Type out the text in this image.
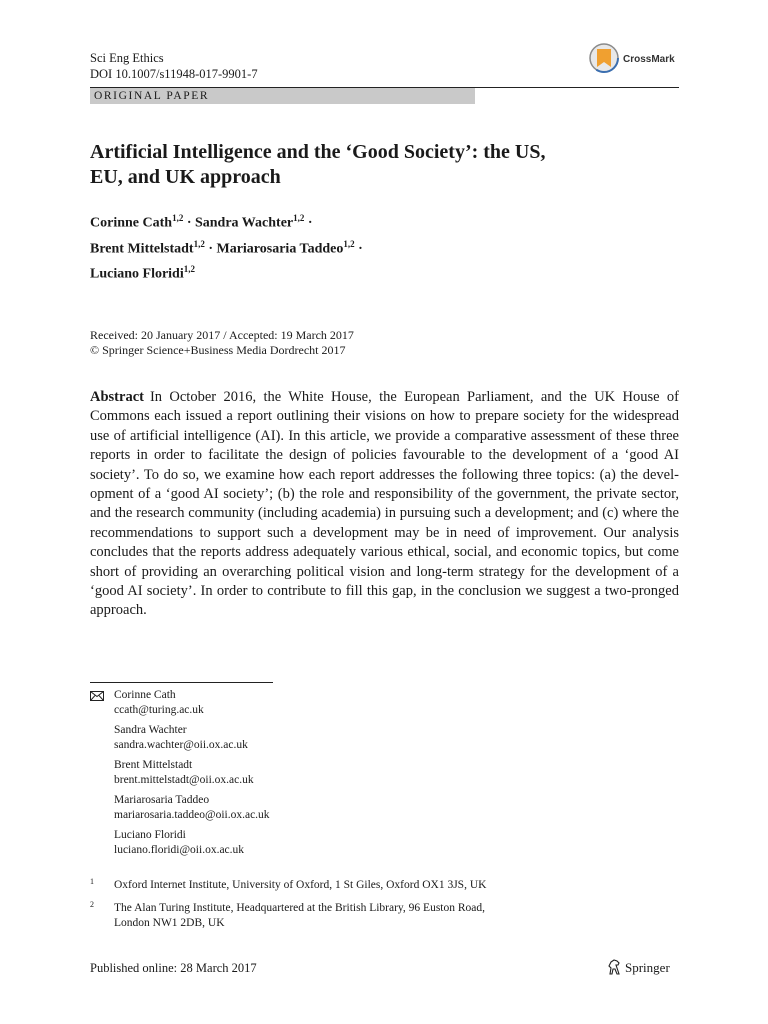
Sci Eng Ethics
DOI 10.1007/s11948-017-9901-7
CrossMark
ORIGINAL PAPER
Artificial Intelligence and the ‘Good Society’: the US,
EU, and UK approach
Corinne Cath$^{1,2}$ · Sandra Wachter$^{1,2}$ ·
Brent Mittelstadt$^{1,2}$ · Mariarosaria Taddeo$^{1,2}$ ·
Luciano Floridi$^{1,2}$
Received: 20 January 2017 / Accepted: 19 March 2017
© Springer Science+Business Media Dordrecht 2017
Abstract In October 2016, the White House, the European Parliament, and the UK House of Commons each issued a report outlining their visions on how to prepare society for the widespread use of artificial intelligence (AI). In this article, we provide a comparative assessment of these three reports in order to facilitate the design of policies favourable to the development of a ‘good AI society’. To do so, we examine how each report addresses the following three topics: (a) the development of a ‘good AI society’; (b) the role and responsibility of the government, the private sector, and the research community (including academia) in pursuing such a development; and (c) where the recommendations to support such a development may be in need of improvement. Our analysis concludes that the reports address adequately various ethical, social, and economic topics, but come short of providing an overarching political vision and long-term strategy for the development of a ‘good AI society’. In order to contribute to fill this gap, in the conclusion we suggest a two-pronged approach.
Corinne Cath
ccath@turing.ac.uk
Sandra Wachter
sandra.wachter@oii.ox.ac.uk
Brent Mittelstadt
brent.mittelstadt@oii.ox.ac.uk
Mariarosaria Taddeo
mariarosaria.taddeo@oii.ox.ac.uk
Luciano Floridi
luciano.floridi@oii.ox.ac.uk
1 Oxford Internet Institute, University of Oxford, 1 St Giles, Oxford OX1 3JS, UK
2 The Alan Turing Institute, Headquartered at the British Library, 96 Euston Road,
London NW1 2DB, UK
Published online: 28 March 2017	Springer
